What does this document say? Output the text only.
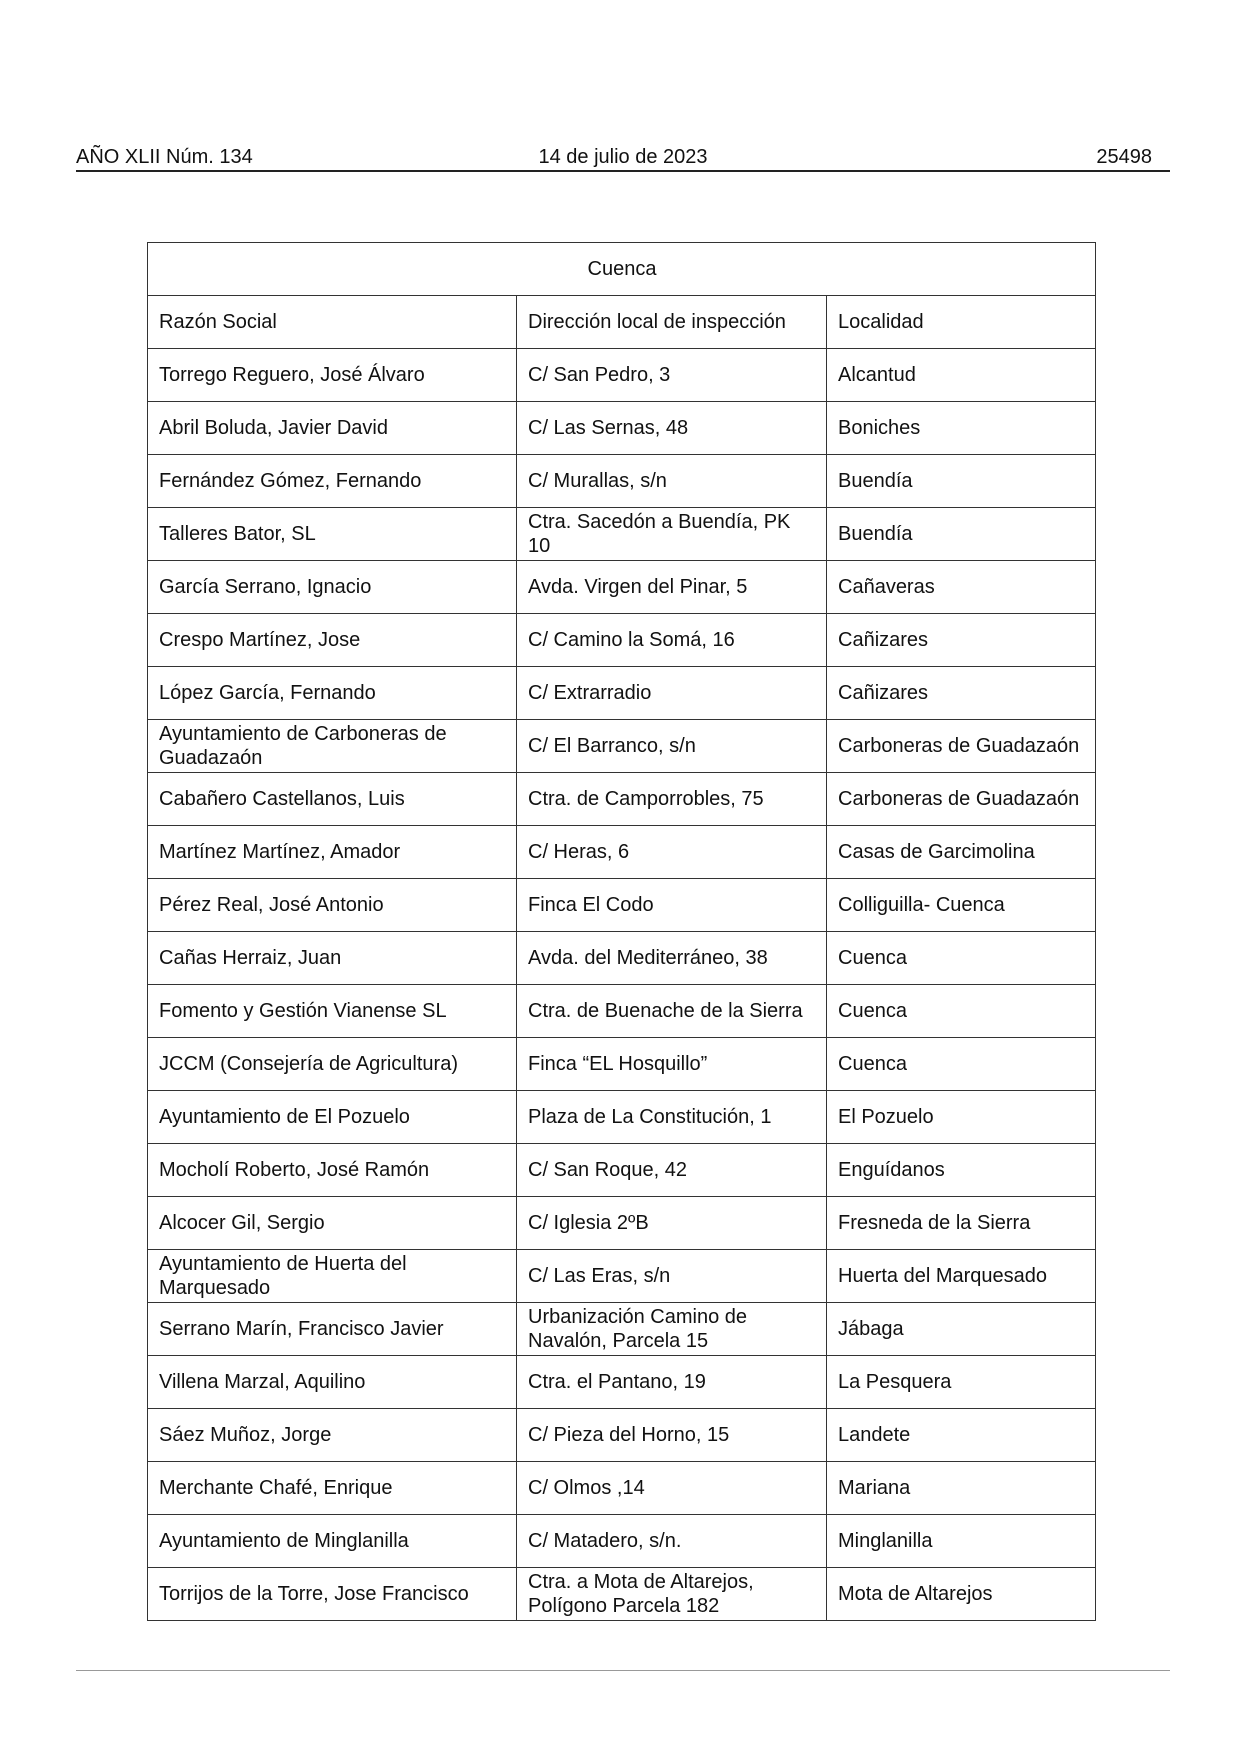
14 de julio de 2023
AÑO XLII Núm. 134	25498
Cuenca		
Razón Social	Dirección local de inspección	Localidad
Torrego Reguero, José Álvaro	C/ San Pedro, 3	Alcantud
Abril Boluda, Javier David	C/ Las Sernas, 48	Boniches
Fernández Gómez, Fernando	C/ Murallas, s/n	Buendía
Talleres Bator, SL	Ctra. Sacedón a Buendía, PK 10	Buendía
García Serrano, Ignacio	Avda. Virgen del Pinar, 5	Cañaveras
Crespo Martínez, Jose	C/ Camino la Somá, 16	Cañizares
López García, Fernando	C/ Extrarradio	Cañizares
Ayuntamiento de Carboneras de Guadazaón	C/ El Barranco, s/n	Carboneras de Guadazaón
Cabañero Castellanos, Luis	Ctra. de Camporrobles, 75	Carboneras de Guadazaón
Martínez Martínez, Amador	C/ Heras, 6	Casas de Garcimolina
Pérez Real, José Antonio	Finca El Codo	Colliguilla- Cuenca
Cañas Herraiz, Juan	Avda. del Mediterráneo, 38	Cuenca
Fomento y Gestión Vianense SL	Ctra. de Buenache de la Sierra	Cuenca
JCCM (Consejería de Agricultura)	Finca “EL Hosquillo”	Cuenca
Ayuntamiento de El Pozuelo	Plaza de La Constitución, 1	El Pozuelo
Mocholí Roberto, José Ramón	C/ San Roque, 42	Enguídanos
Alcocer Gil, Sergio	C/ Iglesia 2ºB	Fresneda de la Sierra
Ayuntamiento de Huerta del Marquesado	C/ Las Eras, s/n	Huerta del Marquesado
Serrano Marín, Francisco Javier	Urbanización Camino de Navalón, Parcela 15	Jábaga
Villena Marzal, Aquilino	Ctra. el Pantano, 19	La Pesquera
Sáez Muñoz, Jorge	C/ Pieza del Horno, 15	Landete
Merchante Chafé, Enrique	C/ Olmos ,14	Mariana
Ayuntamiento de Minglanilla	C/ Matadero, s/n.	Minglanilla
Torrijos de la Torre, Jose Francisco	Ctra. a Mota de Altarejos, Polígono Parcela 182	Mota de Altarejos
